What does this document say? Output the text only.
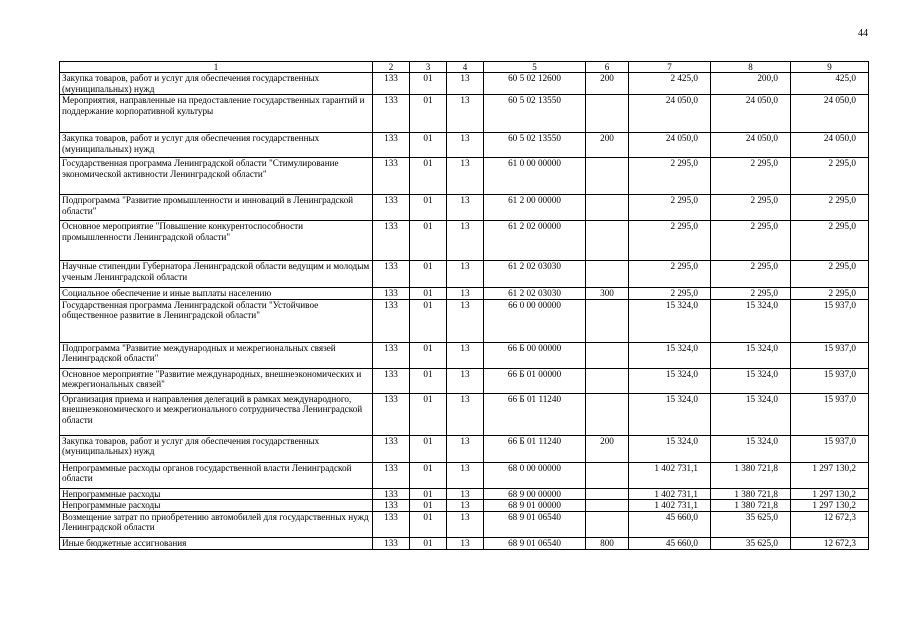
44
1	2	3	4	5	6	7	8	9
Закупка товаров, работ и услуг для обеспечения государственных (муниципальных) нужд	133	01	13	60 5 02 12600	200	2 425,0	200,0	425,0
Мероприятия, направленные на предоставление государственных гарантий и поддержание корпоративной культуры	133	01	13	60 5 02 13550		24 050,0	24 050,0	24 050,0
Закупка товаров, работ и услуг для обеспечения государственных (муниципальных) нужд	133	01	13	60 5 02 13550	200	24 050,0	24 050,0	24 050,0
Государственная программа Ленинградской области "Стимулирование экономической активности Ленинградской области"	133	01	13	61 0 00 00000		2 295,0	2 295,0	2 295,0
Подпрограмма "Развитие промышленности и инноваций в Ленинградской области"	133	01	13	61 2 00 00000		2 295,0	2 295,0	2 295,0
Основное мероприятие "Повышение конкурентоспособности промышленности Ленинградской области"	133	01	13	61 2 02 00000		2 295,0	2 295,0	2 295,0
Научные стипендии Губернатора Ленинградской области ведущим и молодым ученым Ленинградской области	133	01	13	61 2 02 03030		2 295,0	2 295,0	2 295,0
Социальное обеспечение и иные выплаты населению	133	01	13	61 2 02 03030	300	2 295,0	2 295,0	2 295,0
Государственная программа Ленинградской области "Устойчивое общественное развитие в Ленинградской области"	133	01	13	66 0 00 00000		15 324,0	15 324,0	15 937,0
Подпрограмма "Развитие международных и межрегиональных связей Ленинградской области"	133	01	13	66 Б 00 00000		15 324,0	15 324,0	15 937,0
Основное мероприятие "Развитие международных, внешнеэкономических и межрегиональных связей"	133	01	13	66 Б 01 00000		15 324,0	15 324,0	15 937,0
Организация приема и направления делегаций в рамках международного, внешнеэкономического и межрегионального сотрудничества Ленинградской области	133	01	13	66 Б 01 11240		15 324,0	15 324,0	15 937,0
Закупка товаров, работ и услуг для обеспечения государственных (муниципальных) нужд	133	01	13	66 Б 01 11240	200	15 324,0	15 324,0	15 937,0
Непрограммные расходы органов государственной власти Ленинградской области	133	01	13	68 0 00 00000		1 402 731,1	1 380 721,8	1 297 130,2
Непрограммные расходы	133	01	13	68 9 00 00000		1 402 731,1	1 380 721,8	1 297 130,2
Непрограммные расходы	133	01	13	68 9 01 00000		1 402 731,1	1 380 721,8	1 297 130,2
Возмещение затрат по приобретению автомобилей для государственных нужд Ленинградской области	133	01	13	68 9 01 06540		45 660,0	35 625,0	12 672,3
Иные бюджетные ассигнования	133	01	13	68 9 01 06540	800	45 660,0	35 625,0	12 672,3
